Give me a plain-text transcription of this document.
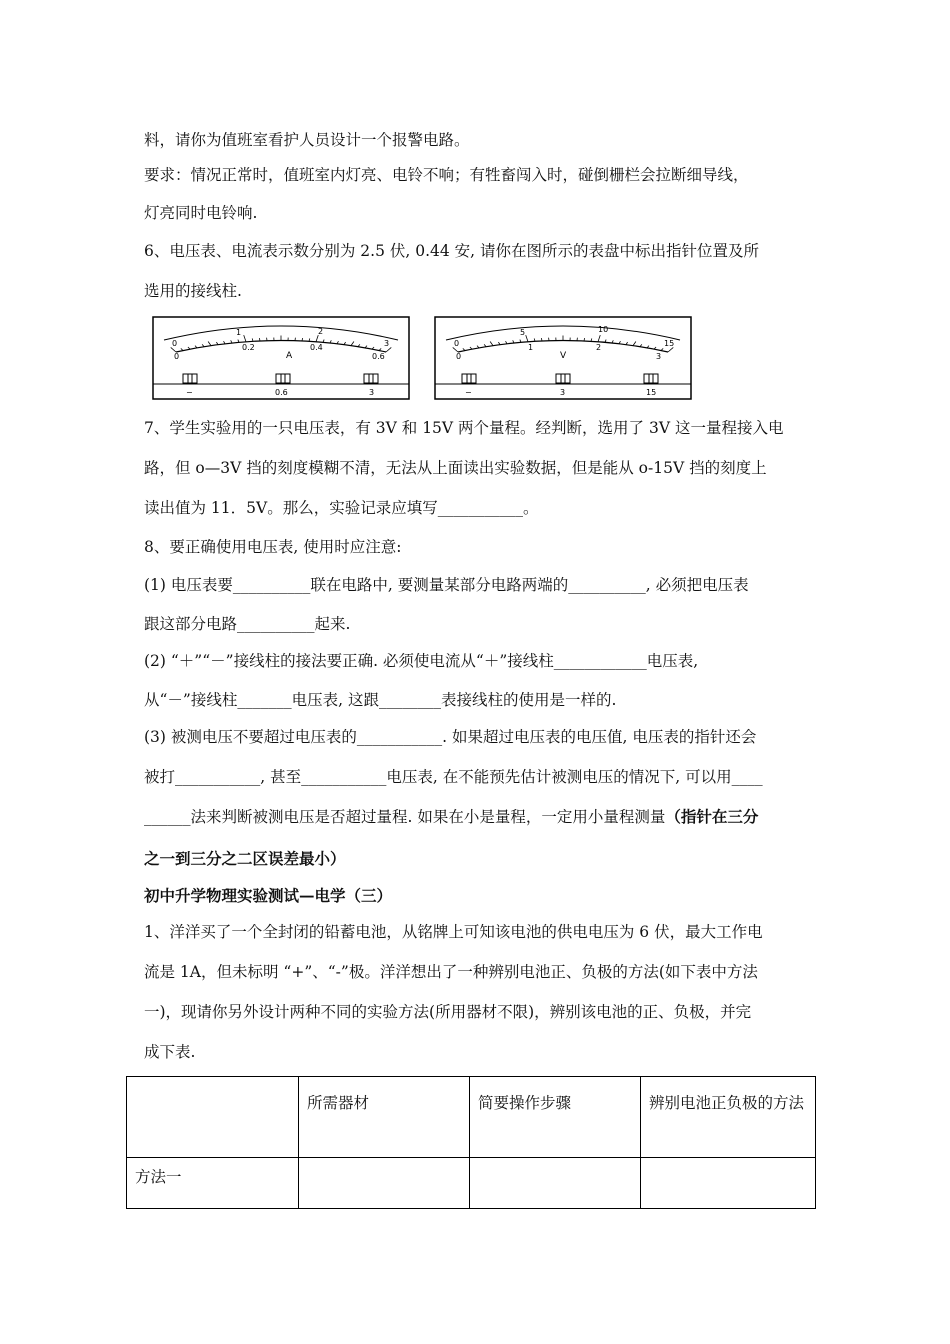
料，请你为值班室看护人员设计一个报警电路。
要求：情况正常时，值班室内灯亮、电铃不响；有牲畜闯入时，碰倒栅栏会拉断细导线，
灯亮同时电铃响.
6、电压表、电流表示数分别为 2.5 伏, 0.44 安, 请你在图所示的表盘中标出指针位置及所
选用的接线柱.
0
1	2
3
0
0.2	0.4
0.6
A
−	0.6	3
0
5	10
15
0
1	2
3
V
−	3	15
7、学生实验用的一只电压表，有 3V 和 15V 两个量程。经判断，选用了 3V 这一量程接入电
路，但 o—3V 挡的刻度模糊不清，无法从上面读出实验数据，但是能从 o-15V 挡的刻度上
读出值为 11．5V。那么，实验记录应填写___________。
8、要正确使用电压表, 使用时应注意:
(1) 电压表要__________联在电路中, 要测量某部分电路两端的__________, 必须把电压表
跟这部分电路__________起来.
(2) “＋”“－”接线柱的接法要正确. 必须使电流从“＋”接线柱____________电压表,
从“－”接线柱_______电压表, 这跟________表接线柱的使用是一样的.
(3) 被测电压不要超过电压表的___________. 如果超过电压表的电压值, 电压表的指针还会
被打___________, 甚至___________电压表, 在不能预先估计被测电压的情况下, 可以用____
______法来判断被测电压是否超过量程. 如果在小是量程，一定用小量程测量（指针在三分
之一到三分之二区误差最小）
初中升学物理实验测试—电学（三）
1、洋洋买了一个全封闭的铅蓄电池，从铭牌上可知该电池的供电电压为 6 伏，最大工作电
流是 1A，但未标明 “+”、“-”极。洋洋想出了一种辨别电池正、负极的方法(如下表中方法
一)，现请你另外设计两种不同的实验方法(所用器材不限)，辨别该电池的正、负极，并完
成下表.
	所需器材	简要操作步骤	辨别电池正负极的方法
方法一			
